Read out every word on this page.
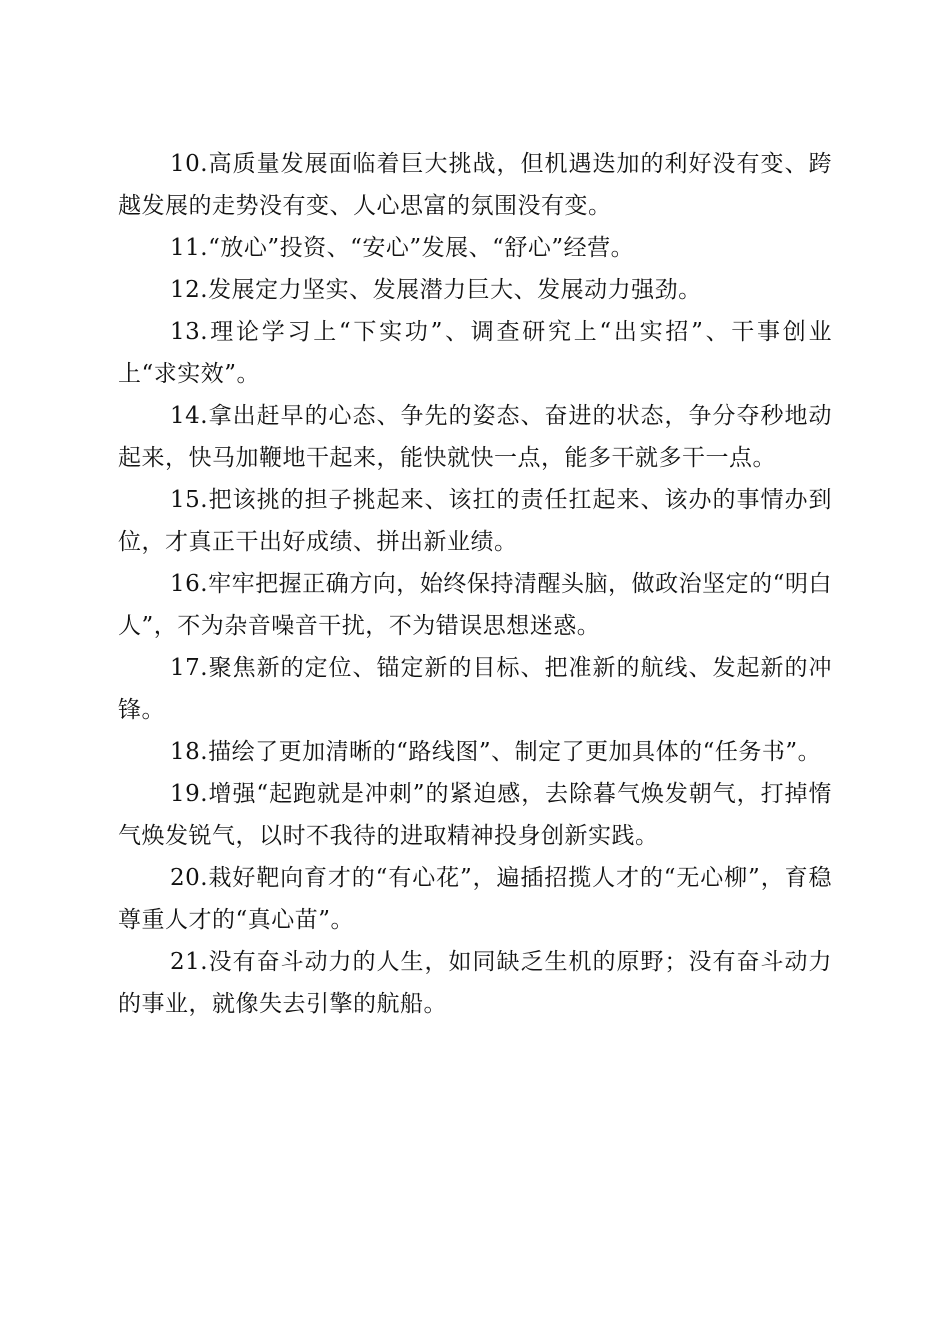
10.高质量发展面临着巨大挑战，但机遇迭加的利好没有变、跨越发展的走势没有变、人心思富的氛围没有变。

11.“放心”投资、“安心”发展、“舒心”经营。

12.发展定力坚实、发展潜力巨大、发展动力强劲。

13.理论学习上“下实功”、调查研究上“出实招”、干事创业上“求实效”。

14.拿出赶早的心态、争先的姿态、奋进的状态，争分夺秒地动起来，快马加鞭地干起来，能快就快一点，能多干就多干一点。

15.把该挑的担子挑起来、该扛的责任扛起来、该办的事情办到位，才真正干出好成绩、拼出新业绩。

16.牢牢把握正确方向，始终保持清醒头脑，做政治坚定的“明白人”，不为杂音噪音干扰，不为错误思想迷惑。

17.聚焦新的定位、锚定新的目标、把准新的航线、发起新的冲锋。

18.描绘了更加清晰的“路线图”、制定了更加具体的“任务书”。

19.增强“起跑就是冲刺”的紧迫感，去除暮气焕发朝气，打掉惰气焕发锐气，以时不我待的进取精神投身创新实践。

20.栽好靶向育才的“有心花”，遍插招揽人才的“无心柳”，育稳尊重人才的“真心苗”。

21.没有奋斗动力的人生，如同缺乏生机的原野；没有奋斗动力的事业，就像失去引擎的航船。
